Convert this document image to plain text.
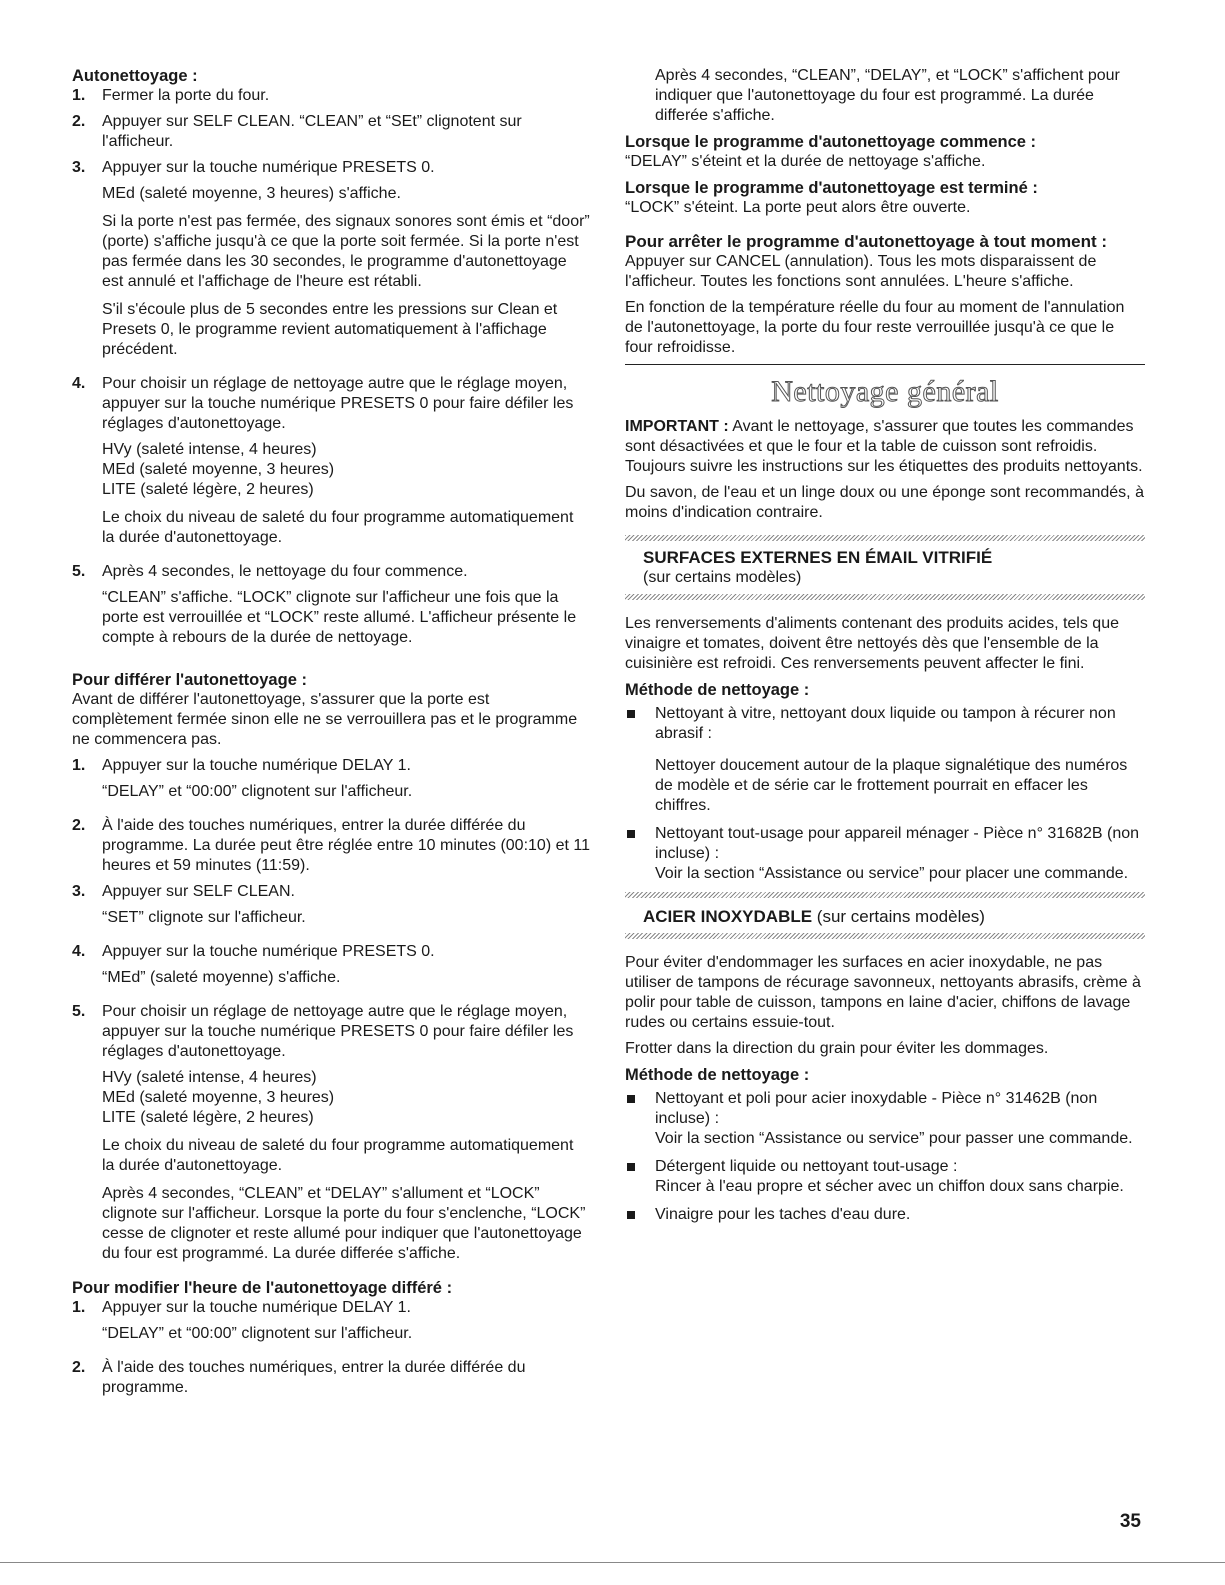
Autonettoyage :
1.	Fermer la porte du four.
2.	Appuyer sur SELF CLEAN. “CLEAN” et “SEt” clignotent sur l'afficheur.
3.	Appuyer sur la touche numérique PRESETS 0.

MEd (saleté moyenne, 3 heures) s'affiche.

Si la porte n'est pas fermée, des signaux sonores sont émis et “door” (porte) s'affiche jusqu'à ce que la porte soit fermée. Si la porte n'est pas fermée dans les 30 secondes, le programme d'autonettoyage est annulé et l'affichage de l'heure est rétabli.

S'il s'écoule plus de 5 secondes entre les pressions sur Clean et Presets 0, le programme revient automatiquement à l'affichage précédent.

4.	Pour choisir un réglage de nettoyage autre que le réglage moyen, appuyer sur la touche numérique PRESETS 0 pour faire défiler les réglages d'autonettoyage.

HVy (saleté intense, 4 heures)
MEd (saleté moyenne, 3 heures)
LITE (saleté légère, 2 heures)

Le choix du niveau de saleté du four programme automatiquement la durée d'autonettoyage.

5.	Après 4 secondes, le nettoyage du four commence.

“CLEAN” s'affiche. “LOCK” clignote sur l'afficheur une fois que la porte est verrouillée et “LOCK” reste allumé. L'afficheur présente le compte à rebours de la durée de nettoyage.

Pour différer l'autonettoyage :

Avant de différer l'autonettoyage, s'assurer que la porte est complètement fermée sinon elle ne se verrouillera pas et le programme ne commencera pas.

1.	Appuyer sur la touche numérique DELAY 1.

“DELAY” et “00:00” clignotent sur l'afficheur.

2.	À l'aide des touches numériques, entrer la durée différée du programme. La durée peut être réglée entre 10 minutes (00:10) et 11 heures et 59 minutes (11:59).
3.	Appuyer sur SELF CLEAN.

“SET” clignote sur l'afficheur.

4.	Appuyer sur la touche numérique PRESETS 0.

“MEd” (saleté moyenne) s'affiche.

5.	Pour choisir un réglage de nettoyage autre que le réglage moyen, appuyer sur la touche numérique PRESETS 0 pour faire défiler les réglages d'autonettoyage.

HVy (saleté intense, 4 heures)
MEd (saleté moyenne, 3 heures)
LITE (saleté légère, 2 heures)

Le choix du niveau de saleté du four programme automatiquement la durée d'autonettoyage.

Après 4 secondes, “CLEAN” et “DELAY” s'allument et “LOCK” clignote sur l'afficheur. Lorsque la porte du four s'enclenche, “LOCK” cesse de clignoter et reste allumé pour indiquer que l'autonettoyage du four est programmé. La durée differée s'affiche.

Pour modifier l'heure de l'autonettoyage différé :
1.	Appuyer sur la touche numérique DELAY 1.

“DELAY” et “00:00” clignotent sur l'afficheur.

2.	À l'aide des touches numériques, entrer la durée différée du programme.

Après 4 secondes, “CLEAN”, “DELAY”, et “LOCK” s'affichent pour indiquer que l'autonettoyage du four est programmé. La durée differée s'affiche.

Lorsque le programme d'autonettoyage commence :

“DELAY” s'éteint et la durée de nettoyage s'affiche.

Lorsque le programme d'autonettoyage est terminé :

“LOCK” s'éteint. La porte peut alors être ouverte.

Pour arrêter le programme d'autonettoyage à tout moment :

Appuyer sur CANCEL (annulation). Tous les mots disparaissent de l'afficheur. Toutes les fonctions sont annulées. L'heure s'affiche.

En fonction de la température réelle du four au moment de l'annulation de l'autonettoyage, la porte du four reste verrouillée jusqu'à ce que le four refroidisse.

Nettoyage général

IMPORTANT : Avant le nettoyage, s'assurer que toutes les commandes sont désactivées et que le four et la table de cuisson sont refroidis. Toujours suivre les instructions sur les étiquettes des produits nettoyants.

Du savon, de l'eau et un linge doux ou une éponge sont recommandés, à moins d'indication contraire.

SURFACES EXTERNES EN ÉMAIL VITRIFIÉ
(sur certains modèles)

Les renversements d'aliments contenant des produits acides, tels que vinaigre et tomates, doivent être nettoyés dès que l'ensemble de la cuisinière est refroidi. Ces renversements peuvent affecter le fini.

Méthode de nettoyage :
Nettoyant à vitre, nettoyant doux liquide ou tampon à récurer non abrasif :
Nettoyer doucement autour de la plaque signalétique des numéros de modèle et de série car le frottement pourrait en effacer les chiffres.
Nettoyant tout-usage pour appareil ménager - Pièce n° 31682B (non incluse) :
Voir la section “Assistance ou service” pour placer une commande.
ACIER INOXYDABLE (sur certains modèles)

Pour éviter d'endommager les surfaces en acier inoxydable, ne pas utiliser de tampons de récurage savonneux, nettoyants abrasifs, crème à polir pour table de cuisson, tampons en laine d'acier, chiffons de lavage rudes ou certains essuie-tout.

Frotter dans la direction du grain pour éviter les dommages.

Méthode de nettoyage :
Nettoyant et poli pour acier inoxydable - Pièce n° 31462B (non incluse) :
Voir la section “Assistance ou service” pour passer une commande.
Détergent liquide ou nettoyant tout-usage :
Rincer à l'eau propre et sécher avec un chiffon doux sans charpie.
Vinaigre pour les taches d'eau dure.
35
